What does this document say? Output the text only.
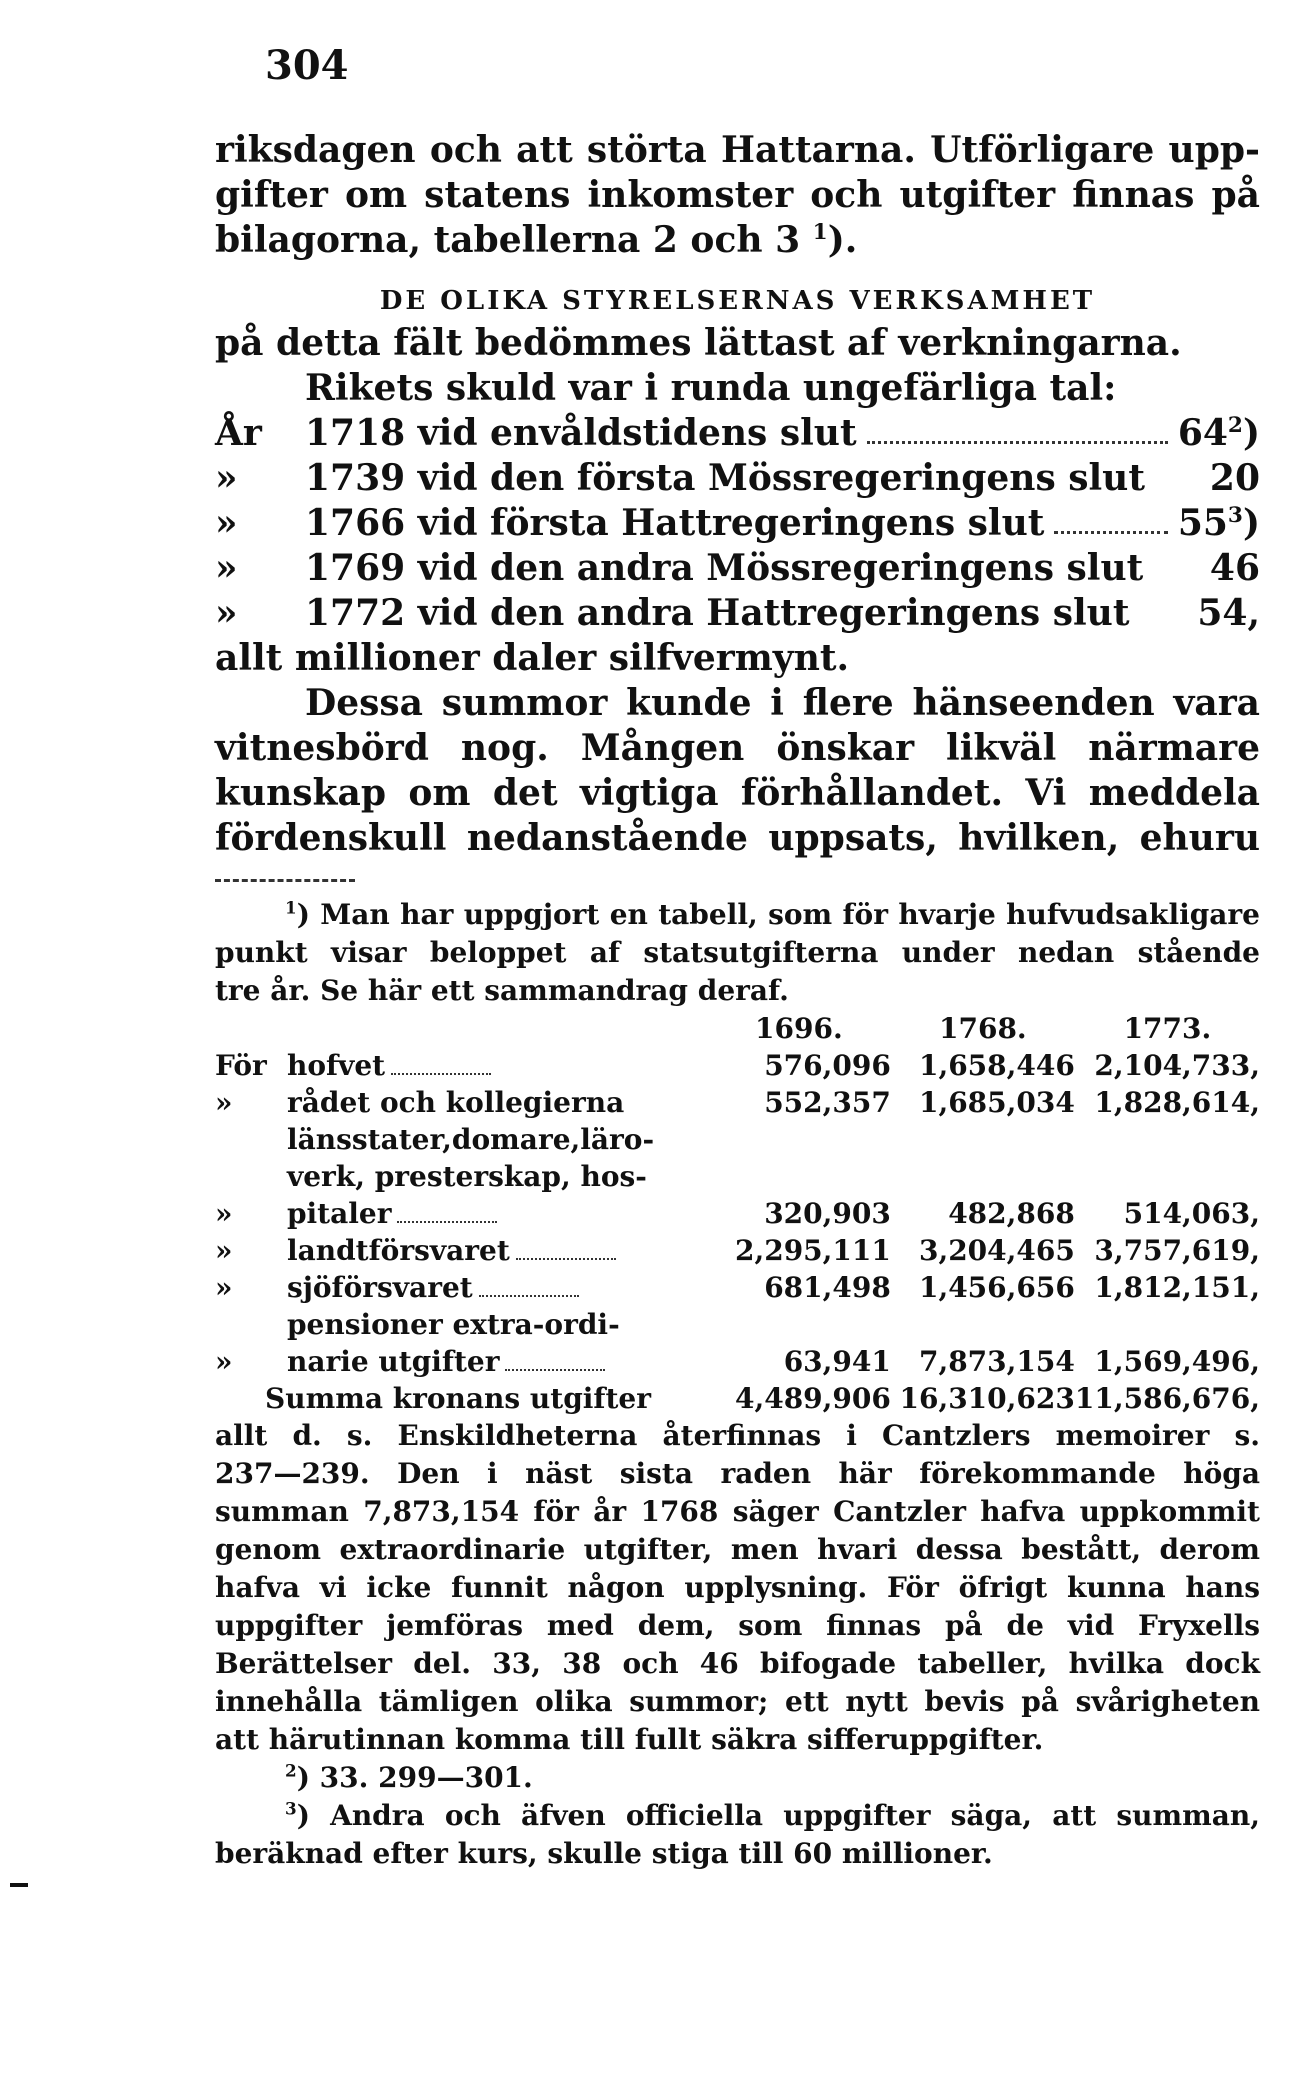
304
riksdagen och att störta Hattarna. Utförligare upp-
gifter om statens inkomster och utgifter finnas på
bilagorna, tabellerna 2 och 3 $^1$).
DE OLIKA STYRELSERNAS VERKSAMHET
på detta fält bedömmes lättast af verkningarna.
Rikets skuld var i runda ungefärliga tal:
År	1718 vid envåldstidens slut	$64^2$)
»	1739 vid den första Mössregeringens slut	20
»	1766 vid första Hattregeringens slut	$55^3$)
»	1769 vid den andra Mössregeringens slut	46
»	1772 vid den andra Hattregeringens slut	54,
allt millioner daler silfvermynt.
Dessa summor kunde i flere hänseenden vara
vitnesbörd nog. Mången önskar likväl närmare
kunskap om det vigtiga förhållandet. Vi meddela
fördenskull nedanstående uppsats, hvilken, ehuru
$^1$) Man har uppgjort en tabell, som för hvarje hufvudsakligare
punkt visar beloppet af statsutgifterna under nedan stående
tre år. Se här ett sammandrag deraf.
		1696.	1768.	1773.
För	hofvet	576,096	1,658,446	2,104,733,
»	rådet och kollegierna	552,357	1,685,034	1,828,614,
»	länsstater,domare,läro-
verk, presterskap, hos-
pitaler	320,903	482,868	514,063,
»	landtförsvaret	2,295,111	3,204,465	3,757,619,
»	sjöförsvaret	681,498	1,456,656	1,812,151,
»	pensioner extra-ordi-
narie utgifter	63,941	7,873,154	1,569,496,
Summa kronans utgifter		4,489,906	16,310,623	11,586,676,
allt d. s. Enskildheterna återfinnas i Cantzlers memoirer s.
237—239. Den i näst sista raden här förekommande höga
summan 7,873,154 för år 1768 säger Cantzler hafva uppkommit
genom extraordinarie utgifter, men hvari dessa bestått, derom
hafva vi icke funnit någon upplysning. För öfrigt kunna hans
uppgifter jemföras med dem, som finnas på de vid Fryxells
Berättelser del. 33, 38 och 46 bifogade tabeller, hvilka dock
innehålla tämligen olika summor; ett nytt bevis på svårigheten
att härutinnan komma till fullt säkra sifferuppgifter.
$^2$) 33. 299—301.
$^3$) Andra och äfven officiella uppgifter säga, att summan,
beräknad efter kurs, skulle stiga till 60 millioner.
